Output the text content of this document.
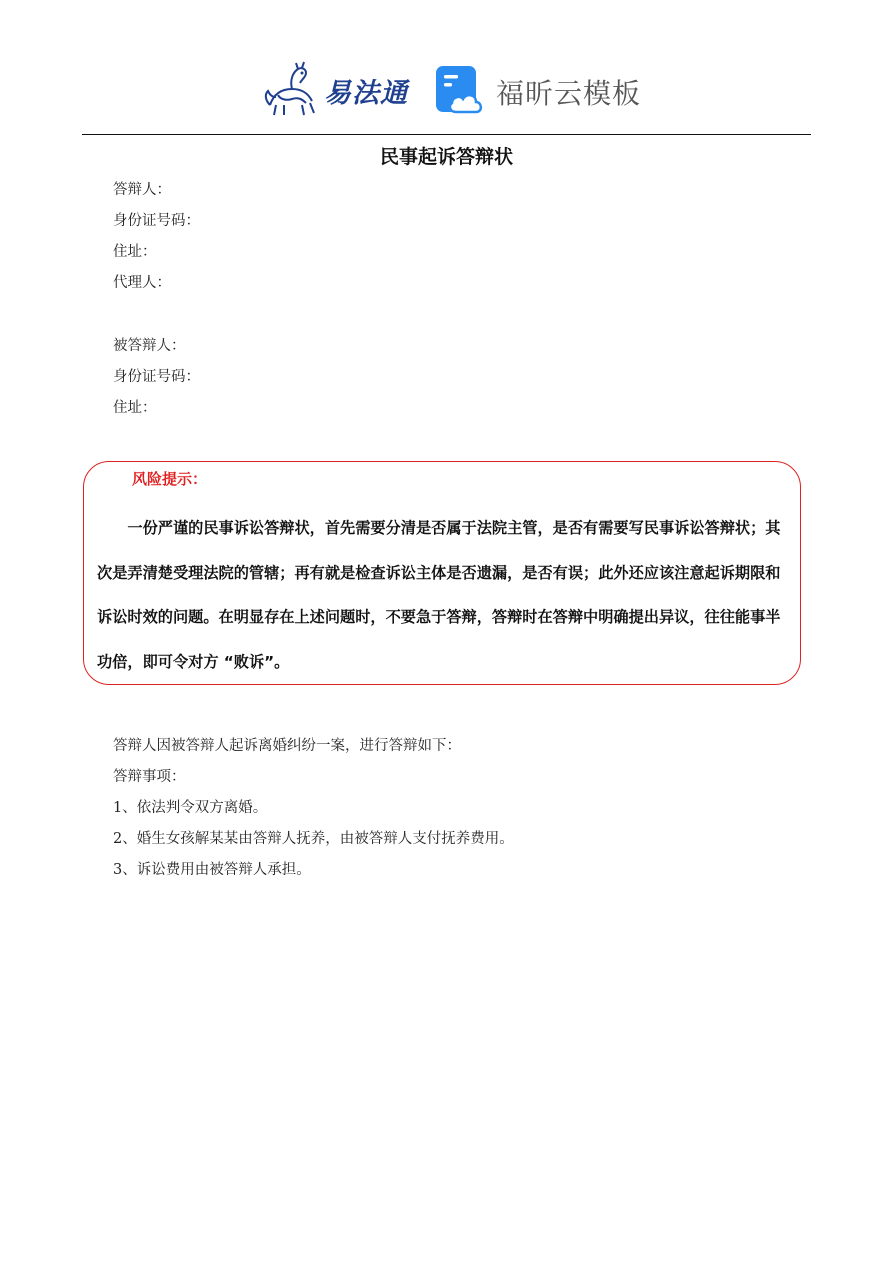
易法通	福昕云模板
民事起诉答辩状
答辩人：
身份证号码：
住址：
代理人：
被答辩人：
身份证号码：
住址：
风险提示：

一份严谨的民事诉讼答辩状，首先需要分清是否属于法院主管，是否有需要写民事诉讼答辩状；其次是弄清楚受理法院的管辖；再有就是检查诉讼主体是否遗漏，是否有误；此外还应该注意起诉期限和诉讼时效的问题。在明显存在上述问题时，不要急于答辩，答辩时在答辩中明确提出异议，往往能事半功倍，即可令对方 “败诉”。

答辩人因被答辩人起诉离婚纠纷一案，进行答辩如下：
答辩事项：
1、依法判令双方离婚。
2、婚生女孩解某某由答辩人抚养，由被答辩人支付抚养费用。
3、诉讼费用由被答辩人承担。
